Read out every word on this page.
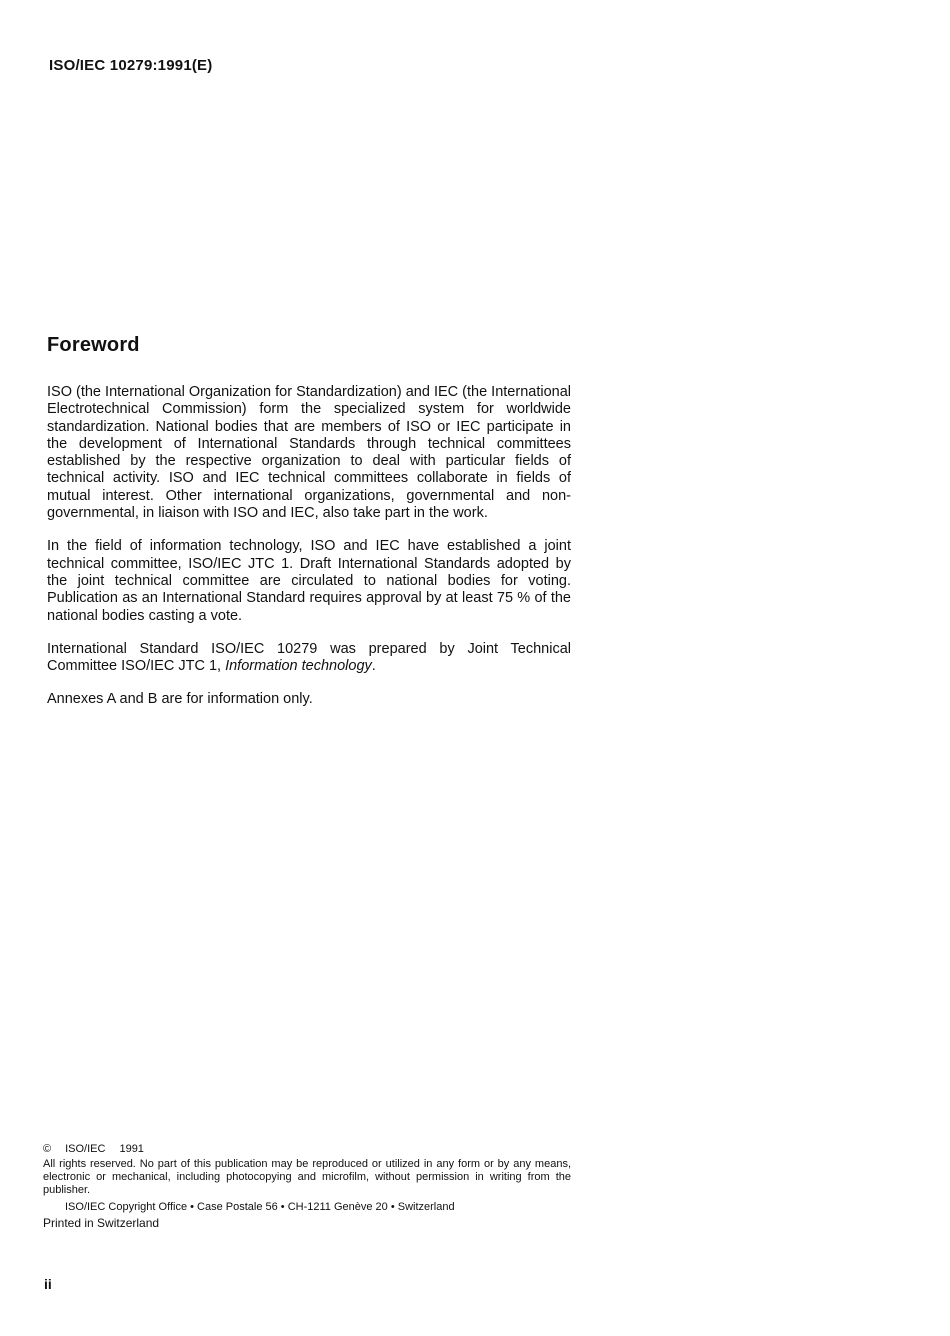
ISO/IEC 10279:1991(E)
Foreword

ISO (the International Organization for Standardization) and IEC (the International Electrotechnical Commission) form the specialized system for worldwide standardization. National bodies that are members of ISO or IEC participate in the development of International Standards through technical committees established by the respective organization to deal with particular fields of technical activity. ISO and IEC technical committees collaborate in fields of mutual interest. Other international organizations, governmental and non-governmental, in liaison with ISO and IEC, also take part in the work.

In the field of information technology, ISO and IEC have established a joint technical committee, ISO/IEC JTC 1. Draft International Standards adopted by the joint technical committee are circulated to national bodies for voting. Publication as an International Standard requires approval by at least 75 % of the national bodies casting a vote.

International Standard ISO/IEC 10279 was prepared by Joint Technical Committee ISO/IEC JTC 1, Information technology.

Annexes A and B are for information only.

© ISO/IEC 1991
All rights reserved. No part of this publication may be reproduced or utilized in any form or by any means, electronic or mechanical, including photocopying and microfilm, without permission in writing from the publisher.
ISO/IEC Copyright Office • Case Postale 56 • CH-1211 Genève 20 • Switzerland
Printed in Switzerland
ii
